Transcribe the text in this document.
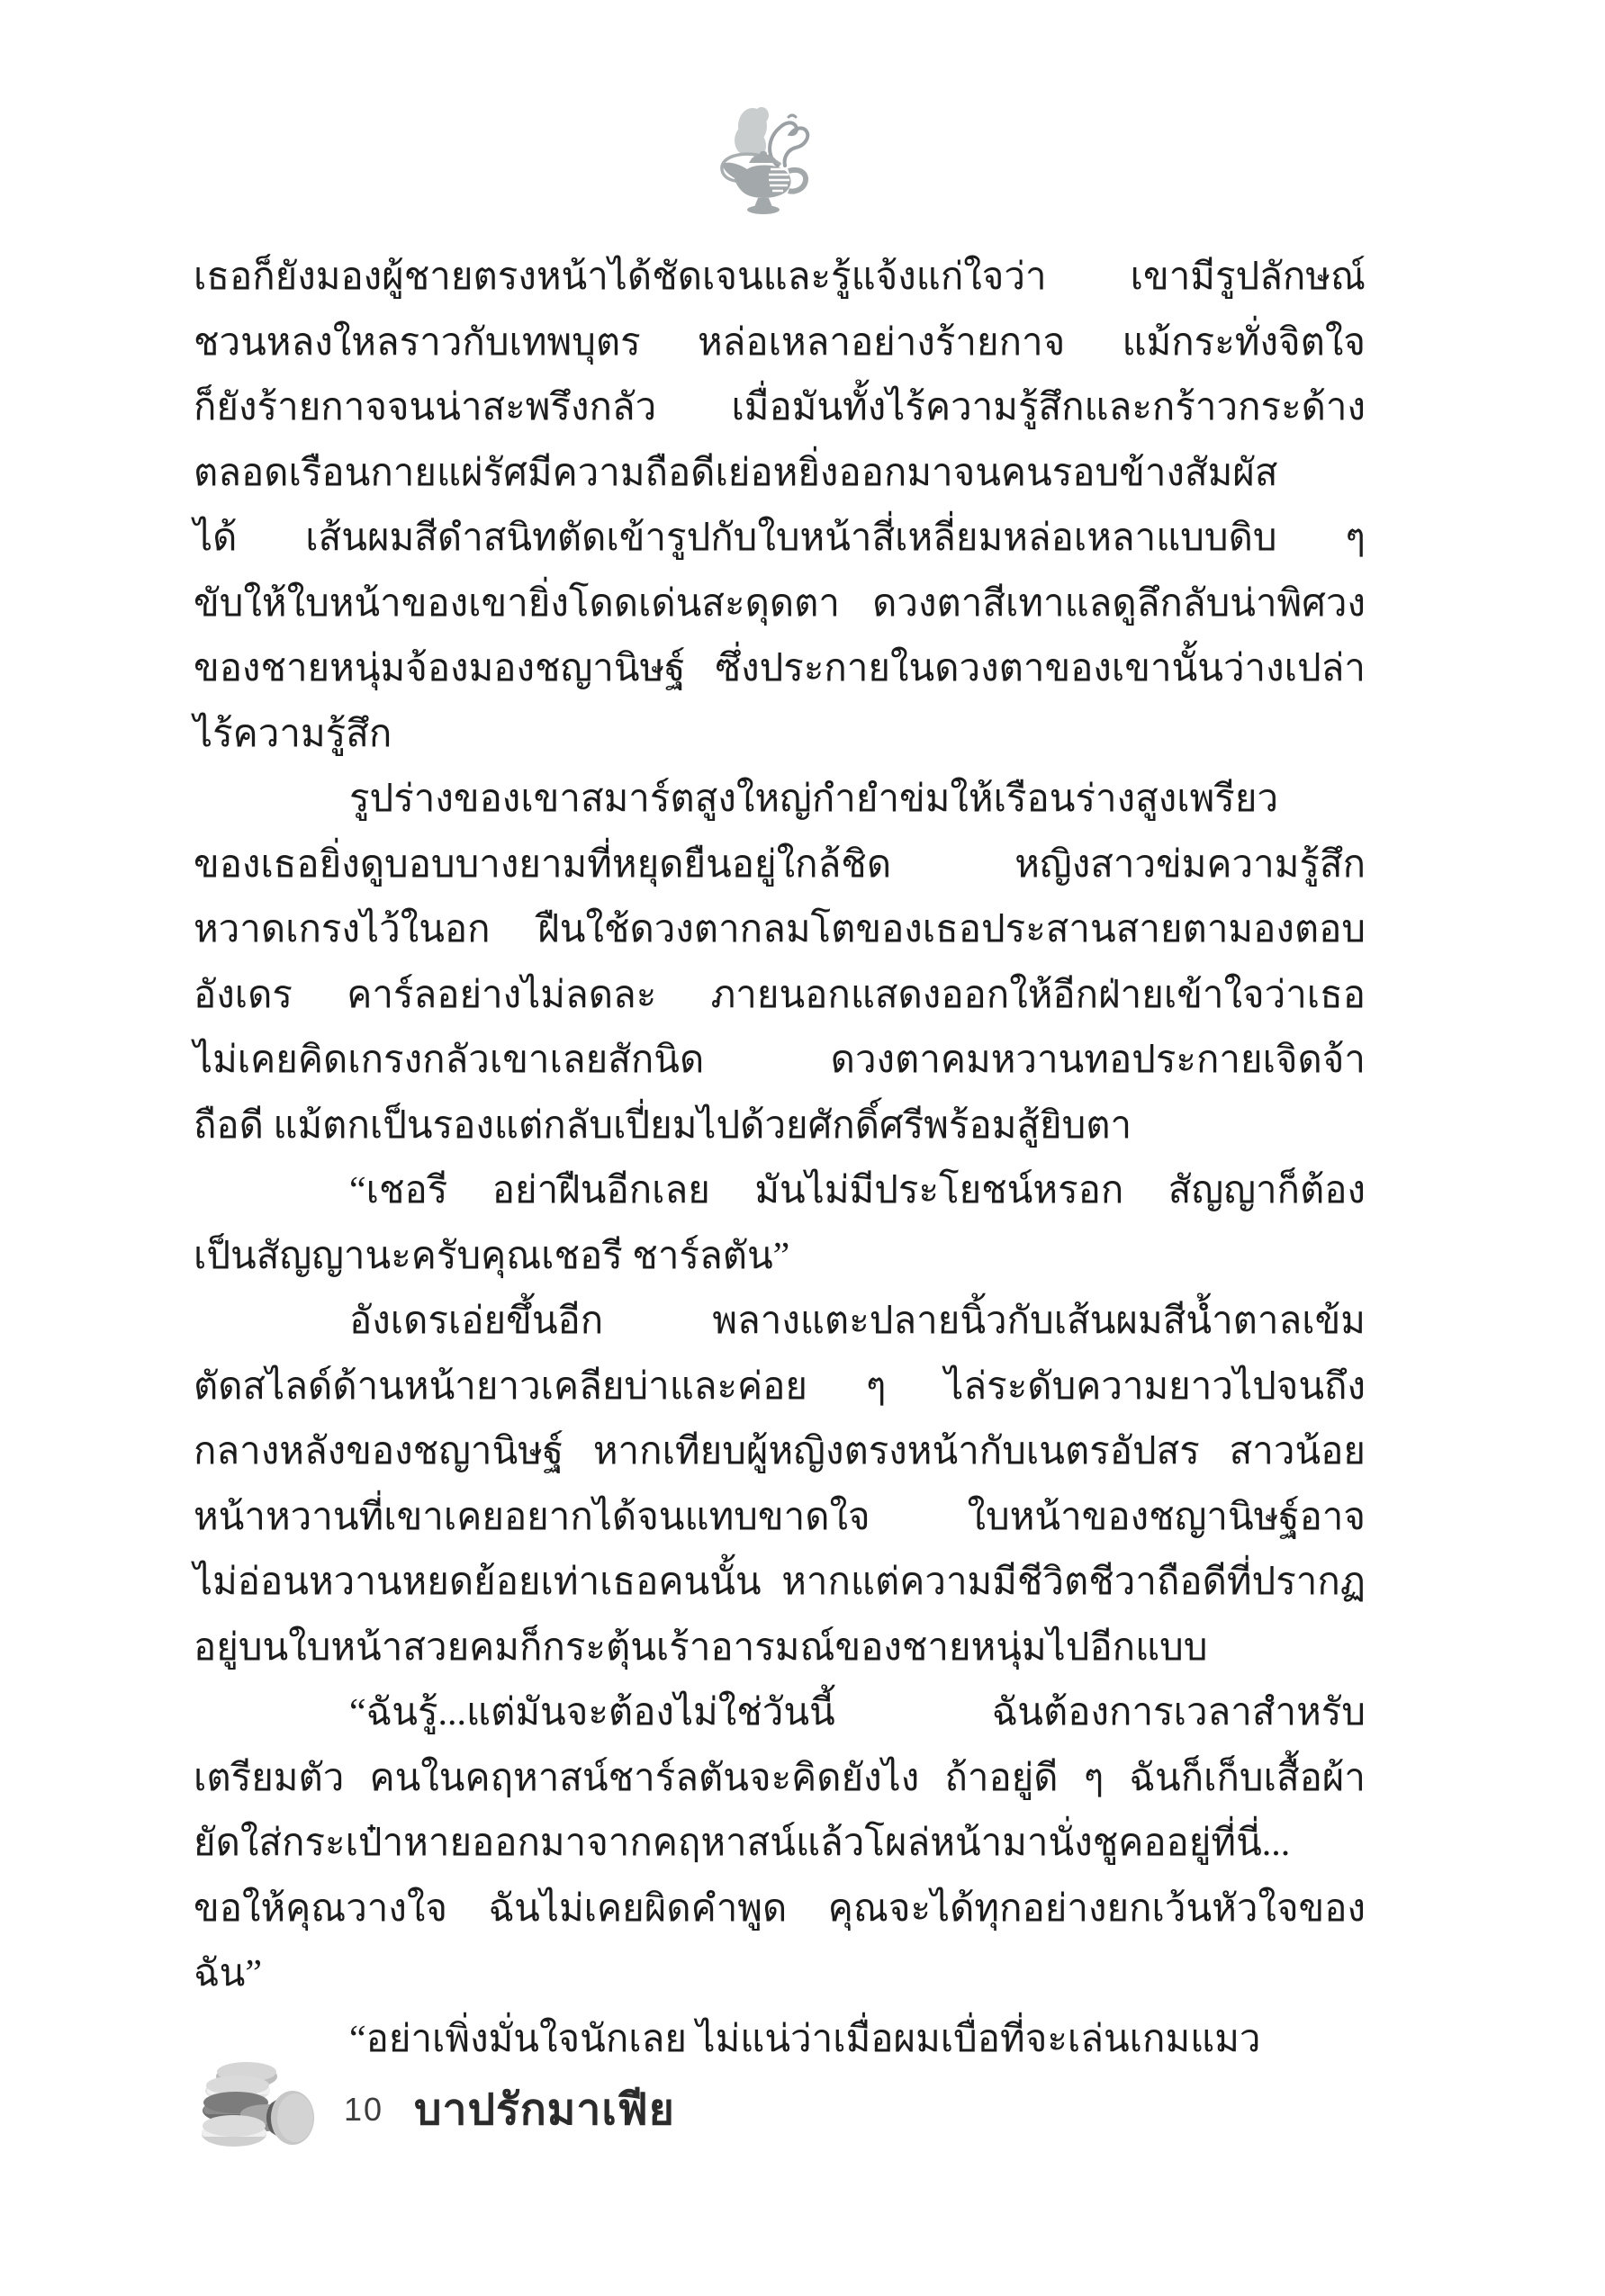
เธอก็ยังมองผู้ชายตรงหน้าได้ชัดเจนและรู้แจ้งแก่ใจว่า เขามีรูปลักษณ์
ชวนหลงใหลราวกับเทพบุตร หล่อเหลาอย่างร้ายกาจ แม้กระทั่งจิตใจ
ก็ยังร้ายกาจจนน่าสะพรึงกลัว เมื่อมันทั้งไร้ความรู้สึกและกร้าวกระด้าง
ตลอดเรือนกายแผ่รัศมีความถือดีเย่อหยิ่งออกมาจนคนรอบข้างสัมผัส
ได้ เส้นผมสีดำสนิทตัดเข้ารูปกับใบหน้าสี่เหลี่ยมหล่อเหลาแบบดิบ ๆ
ขับให้ใบหน้าของเขายิ่งโดดเด่นสะดุดตา ดวงตาสีเทาแลดูลึกลับน่าพิศวง
ของชายหนุ่มจ้องมองชญานิษฐ์ ซึ่งประกายในดวงตาของเขานั้นว่างเปล่า
ไร้ความรู้สึก
รูปร่างของเขาสมาร์ตสูงใหญ่กำยำข่มให้เรือนร่างสูงเพรียว
ของเธอยิ่งดูบอบบางยามที่หยุดยืนอยู่ใกล้ชิด หญิงสาวข่มความรู้สึก
หวาดเกรงไว้ในอก ฝืนใช้ดวงตากลมโตของเธอประสานสายตามองตอบ
อังเดร คาร์ลอย่างไม่ลดละ ภายนอกแสดงออกให้อีกฝ่ายเข้าใจว่าเธอ
ไม่เคยคิดเกรงกลัวเขาเลยสักนิด ดวงตาคมหวานทอประกายเจิดจ้า
ถือดี แม้ตกเป็นรองแต่กลับเปี่ยมไปด้วยศักดิ์ศรีพร้อมสู้ยิบตา
“เชอรี อย่าฝืนอีกเลย มันไม่มีประโยชน์หรอก สัญญาก็ต้อง
เป็นสัญญานะครับคุณเชอรี ชาร์ลตัน”
อังเดรเอ่ยขึ้นอีก พลางแตะปลายนิ้วกับเส้นผมสีน้ำตาลเข้ม
ตัดสไลด์ด้านหน้ายาวเคลียบ่าและค่อย ๆ ไล่ระดับความยาวไปจนถึง
กลางหลังของชญานิษฐ์ หากเทียบผู้หญิงตรงหน้ากับเนตรอัปสร สาวน้อย
หน้าหวานที่เขาเคยอยากได้จนแทบขาดใจ ใบหน้าของชญานิษฐ์อาจ
ไม่อ่อนหวานหยดย้อยเท่าเธอคนนั้น หากแต่ความมีชีวิตชีวาถือดีที่ปรากฏ
อยู่บนใบหน้าสวยคมก็กระตุ้นเร้าอารมณ์ของชายหนุ่มไปอีกแบบ
“ฉันรู้...แต่มันจะต้องไม่ใช่วันนี้ ฉันต้องการเวลาสำหรับ
เตรียมตัว คนในคฤหาสน์ชาร์ลตันจะคิดยังไง ถ้าอยู่ดี ๆ ฉันก็เก็บเสื้อผ้า
ยัดใส่กระเป๋าหายออกมาจากคฤหาสน์แล้วโผล่หน้ามานั่งชูคออยู่ที่นี่...
ขอให้คุณวางใจ ฉันไม่เคยผิดคำพูด คุณจะได้ทุกอย่างยกเว้นหัวใจของ
ฉัน”
“อย่าเพิ่งมั่นใจนักเลย ไม่แน่ว่าเมื่อผมเบื่อที่จะเล่นเกมแมว
10 บาปรักมาเฟีย
